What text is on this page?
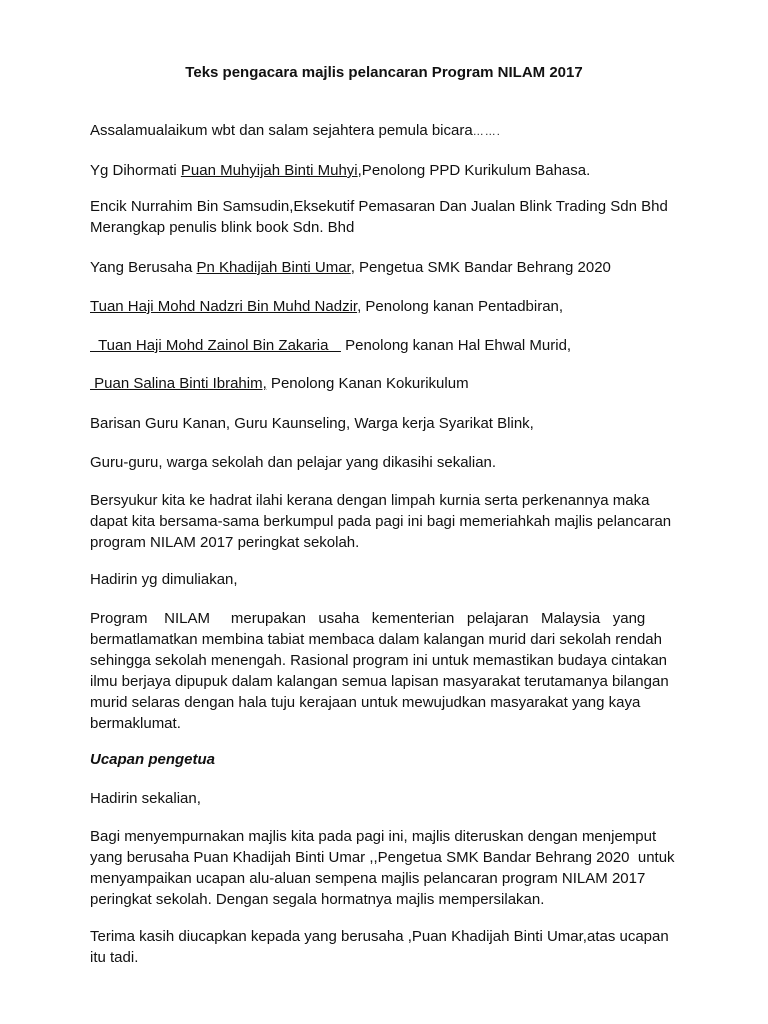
Teks pengacara majlis pelancaran Program NILAM 2017

Assalamualaikum wbt dan salam sejahtera pemula bicara…….

Yg Dihormati Puan Muhyijah Binti Muhyi,Penolong PPD Kurikulum Bahasa.

Encik Nurrahim Bin Samsudin,Eksekutif Pemasaran Dan Jualan Blink Trading Sdn Bhd
Merangkap penulis blink book Sdn. Bhd

Yang Berusaha Pn Khadijah Binti Umar, Pengetua SMK Bandar Behrang 2020

Tuan Haji Mohd Nadzri Bin Muhd Nadzir, Penolong kanan Pentadbiran,

Tuan Haji Mohd Zainol Bin Zakaria    Penolong kanan Hal Ehwal Murid,

Puan Salina Binti Ibrahim, Penolong Kanan Kokurikulum

Barisan Guru Kanan, Guru Kaunseling, Warga kerja Syarikat Blink,

Guru-guru, warga sekolah dan pelajar yang dikasihi sekalian.

Bersyukur kita ke hadrat ilahi kerana dengan limpah kurnia serta perkenannya maka
dapat kita bersama-sama berkumpul pada pagi ini bagi memeriahkah majlis pelancaran
program NILAM 2017 peringkat sekolah.

Hadirin yg dimuliakan,

Program    NILAM     merupakan   usaha   kementerian   pelajaran   Malaysia   yang
bermatlamatkan membina tabiat membaca dalam kalangan murid dari sekolah rendah
sehingga sekolah menengah. Rasional program ini untuk memastikan budaya cintakan
ilmu berjaya dipupuk dalam kalangan semua lapisan masyarakat terutamanya bilangan
murid selaras dengan hala tuju kerajaan untuk mewujudkan masyarakat yang kaya
bermaklumat.

Ucapan pengetua

Hadirin sekalian,

Bagi menyempurnakan majlis kita pada pagi ini, majlis diteruskan dengan menjemput
yang berusaha Puan Khadijah Binti Umar ,,Pengetua SMK Bandar Behrang 2020  untuk
menyampaikan ucapan alu-aluan sempena majlis pelancaran program NILAM 2017
peringkat sekolah. Dengan segala hormatnya majlis mempersilakan.

Terima kasih diucapkan kepada yang berusaha ,Puan Khadijah Binti Umar,atas ucapan
itu tadi.
